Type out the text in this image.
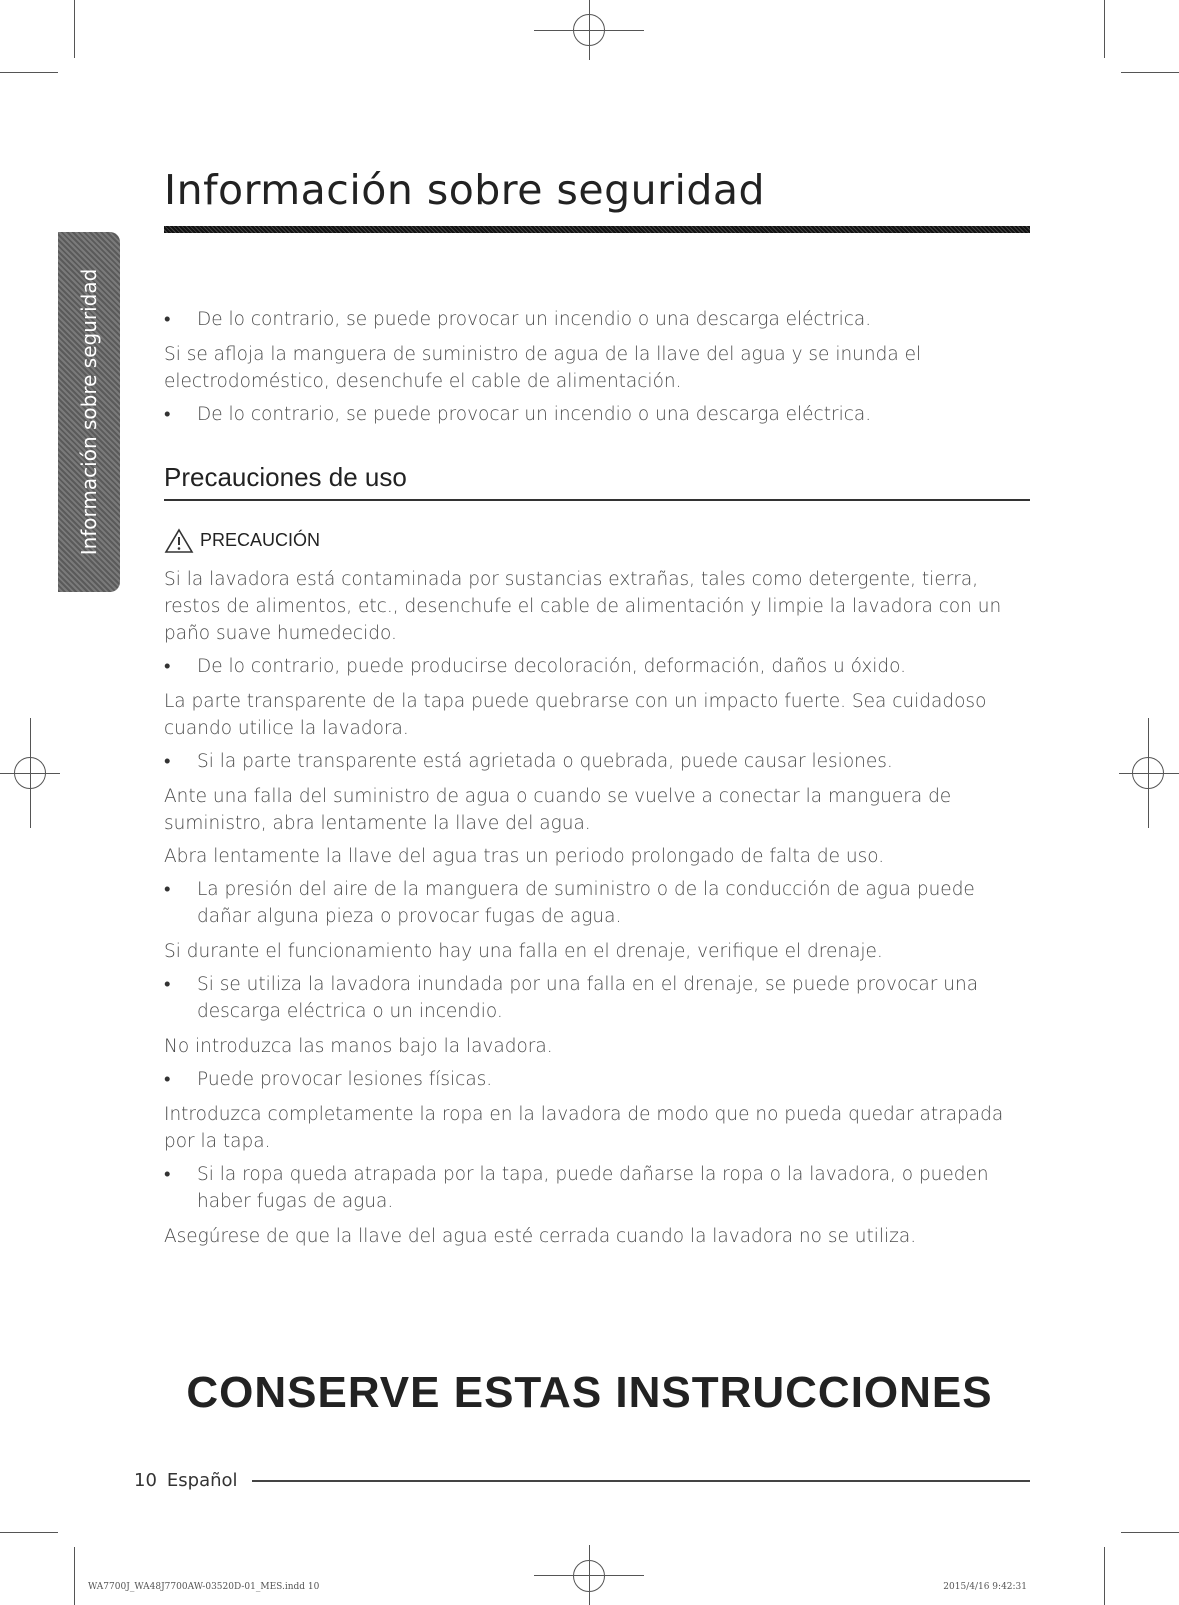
Información sobre seguridad
Información sobre seguridad
• De lo contrario, se puede provocar un incendio o una descarga eléctrica.
Si se afloja la manguera de suministro de agua de la llave del agua y se inunda el electrodoméstico, desenchufe el cable de alimentación.
• De lo contrario, se puede provocar un incendio o una descarga eléctrica.
Precauciones de uso
PRECAUCIÓN
Si la lavadora está contaminada por sustancias extrañas, tales como detergente, tierra, restos de alimentos, etc., desenchufe el cable de alimentación y limpie la lavadora con un paño suave humedecido.
• De lo contrario, puede producirse decoloración, deformación, daños u óxido.
La parte transparente de la tapa puede quebrarse con un impacto fuerte. Sea cuidadoso cuando utilice la lavadora.
• Si la parte transparente está agrietada o quebrada, puede causar lesiones.
Ante una falla del suministro de agua o cuando se vuelve a conectar la manguera de suministro, abra lentamente la llave del agua.
Abra lentamente la llave del agua tras un periodo prolongado de falta de uso.
• La presión del aire de la manguera de suministro o de la conducción de agua puede dañar alguna pieza o provocar fugas de agua.
Si durante el funcionamiento hay una falla en el drenaje, verifique el drenaje.
• Si se utiliza la lavadora inundada por una falla en el drenaje, se puede provocar una descarga eléctrica o un incendio.
No introduzca las manos bajo la lavadora.
• Puede provocar lesiones físicas.
Introduzca completamente la ropa en la lavadora de modo que no pueda quedar atrapada por la tapa.
• Si la ropa queda atrapada por la tapa, puede dañarse la ropa o la lavadora, o pueden haber fugas de agua.
Asegúrese de que la llave del agua esté cerrada cuando la lavadora no se utiliza.
CONSERVE ESTAS INSTRUCCIONES
10 Español
WA7700J_WA48J7700AW-03520D-01_MES.indd 10	2015/4/16 9:42:31
